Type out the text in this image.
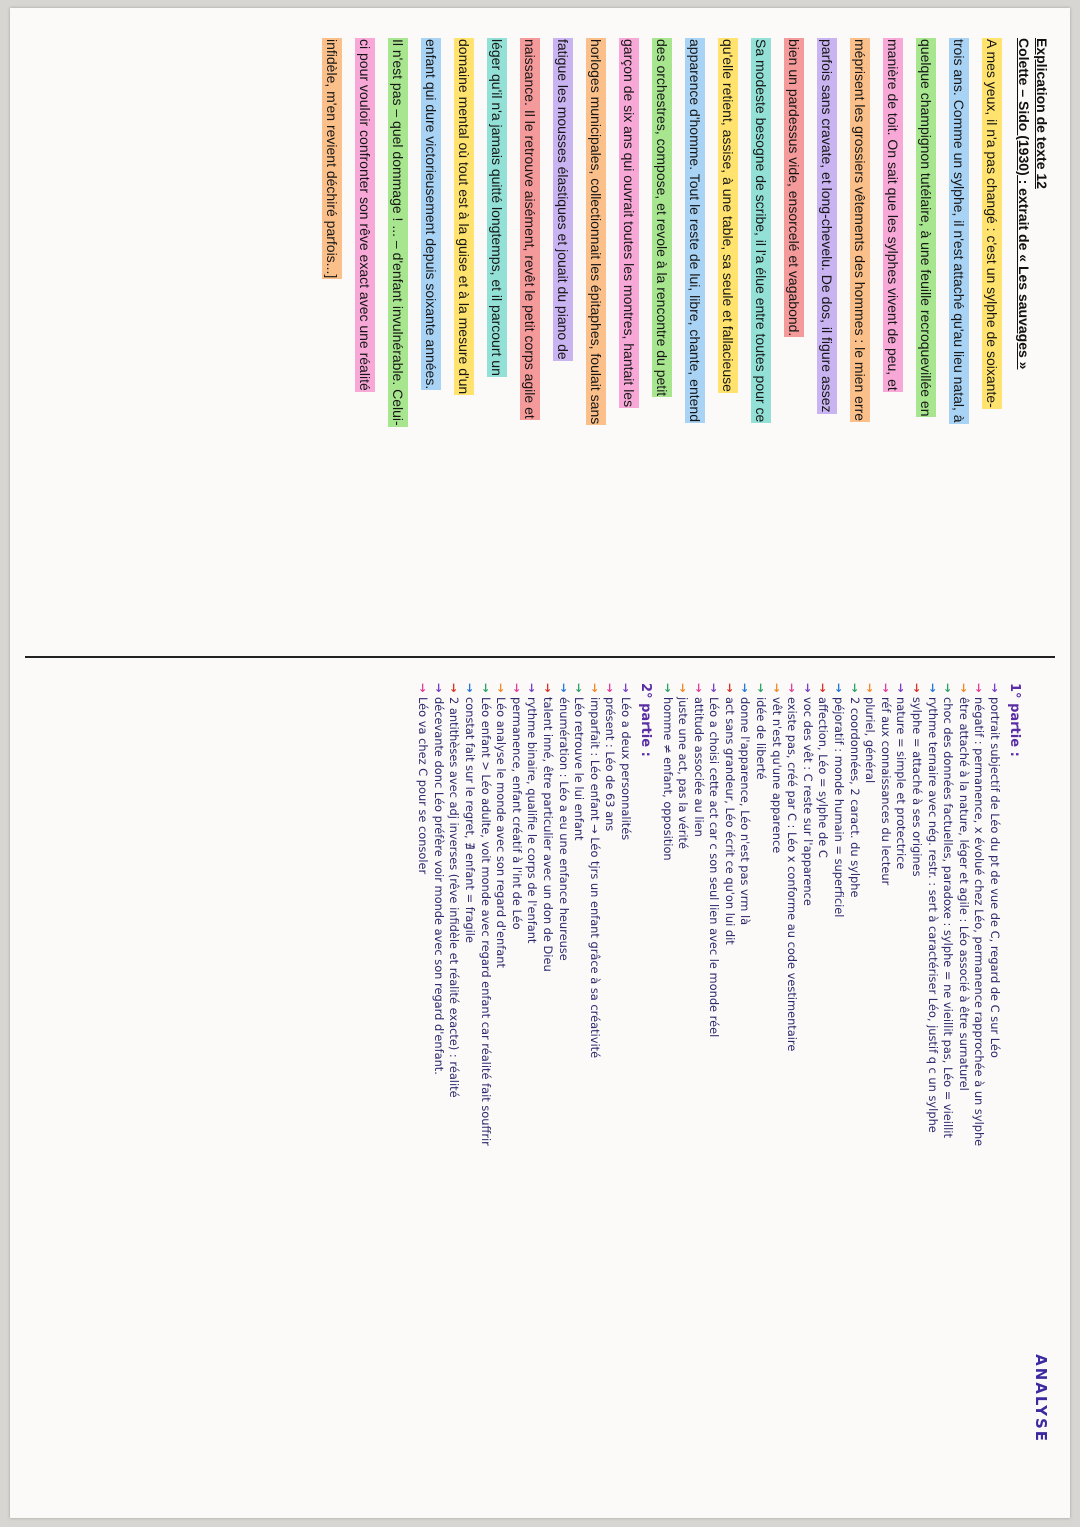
Explication de texte 12
Colette – Sido (1930) : extrait de « Les sauvages »
A mes yeux, il n'a pas changé : c'est un sylphe de soixante-
trois ans. Comme un sylphe, il n'est attaché qu'au lieu natal, à
quelque champignon tutélaire, à une feuille recroquevillée en
manière de toit. On sait que les sylphes vivent de peu, et
méprisent les grossiers vêtements des hommes : le mien erre
parfois sans cravate, et long-chevelu. De dos, il figure assez
bien un pardessus vide, ensorcelé et vagabond.
Sa modeste besogne de scribe, il l'a élue entre toutes pour ce
qu'elle retient, assise, à une table, sa seule et fallacieuse
apparence d'homme. Tout le reste de lui, libre, chante, entend
des orchestres, compose, et revole à la rencontre du petit
garçon de six ans qui ouvrait toutes les montres, hantait les
horloges municipales, collectionnait les épitaphes, foulait sans
fatigue les mousses élastiques et jouait du piano de
naissance. Il le retrouve aisément, revêt le petit corps agile et
léger qu'il n'a jamais quitté longtemps, et il parcourt un
domaine mental où tout est à la guise et à la mesure d'un
enfant qui dure victorieusement depuis soixante années.
Il n'est pas – quel dommage ! ... – d'enfant invulnérable. Celui-
ci pour vouloir confronter son rêve exact avec une réalité
infidèle, m'en revient déchiré parfois...]
ANALYSE
1° partie :
→portrait subjectif de Léo du pt de vue de C, regard de C sur Léo
→négatif : permanence, x évolué chez Léo, permanence rapprochée à un sylphe
→être attaché à la nature, léger et agile : Léo associé à être surnaturel
→choc des données factuelles, paradoxe : sylphe = ne vieillit pas, Léo = vieillit
→rythme ternaire avec nég. restr. : sert à caractériser Léo, justif q c un sylphe
→sylphe = attaché à ses origines
→nature = simple et protectrice
→réf aux connaissances du lecteur
→pluriel, général
→2 coordonnées, 2 caract. du sylphe
→péjoratif : monde humain = superficiel
→affection, Léo = sylphe de C
→voc des vêt : C reste sur l'apparence
→existe pas, créé par C : Léo x conforme au code vestimentaire
→vêt n'est qu'une apparence
→idée de liberté
→donne l'apparence, Léo n'est pas vrm là
→act sans grandeur, Léo écrit ce qu'on lui dit
→Léo a choisi cette act car c son seul lien avec le monde réel
→attitude associée au lien
→juste une act, pas la vérité
→homme ≠ enfant, opposition
2° partie :
→Léo a deux personnalités
→présent : Léo de 63 ans
→imparfait : Léo enfant → Léo tjrs un enfant grâce à sa créativité
→Léo retrouve le lui enfant
→énumération : Léo a eu une enfance heureuse
→talent inné, être particulier avec un don de Dieu
→rythme binaire, qualifie le corps de l'enfant
→permanence, enfant créatif à l'int de Léo
→Léo analyse le monde avec son regard d'enfant
→Léo enfant > Léo adulte, voit monde avec regard enfant car réalité fait souffrir
→constat fait sur le regret, ∄ enfant = fragile
→2 antithèses avec adj inverses (rêve infidèle et réalité exacte) : réalité
→décevante donc Léo préfère voir monde avec son regard d'enfant.
→Léo va chez C pour se consoler
